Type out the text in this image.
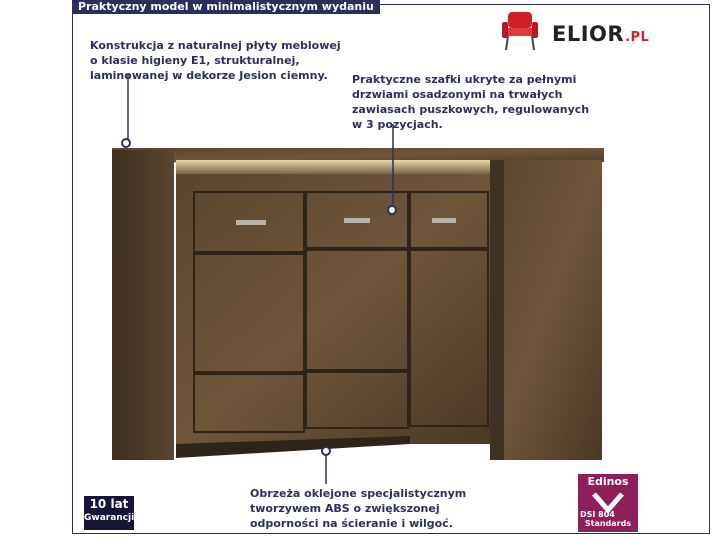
Praktyczny model w minimalistycznym wydaniu
ELIOR.PL
Konstrukcja z naturalnej płyty meblowej o klasie higieny E1, strukturalnej, laminowanej w dekorze Jesion ciemny.	Praktyczne szafki ukryte za pełnymi drzwiami osadzonymi na trwałych zawiasach puszkowych, regulowanych w 3 pozycjach.
Obrzeża oklejone specjalistycznym tworzywem ABS o zwiększonej odporności na ścieranie i wilgoć.
10 lat
Gwarancji
Edinos
DSI 804
Standards
